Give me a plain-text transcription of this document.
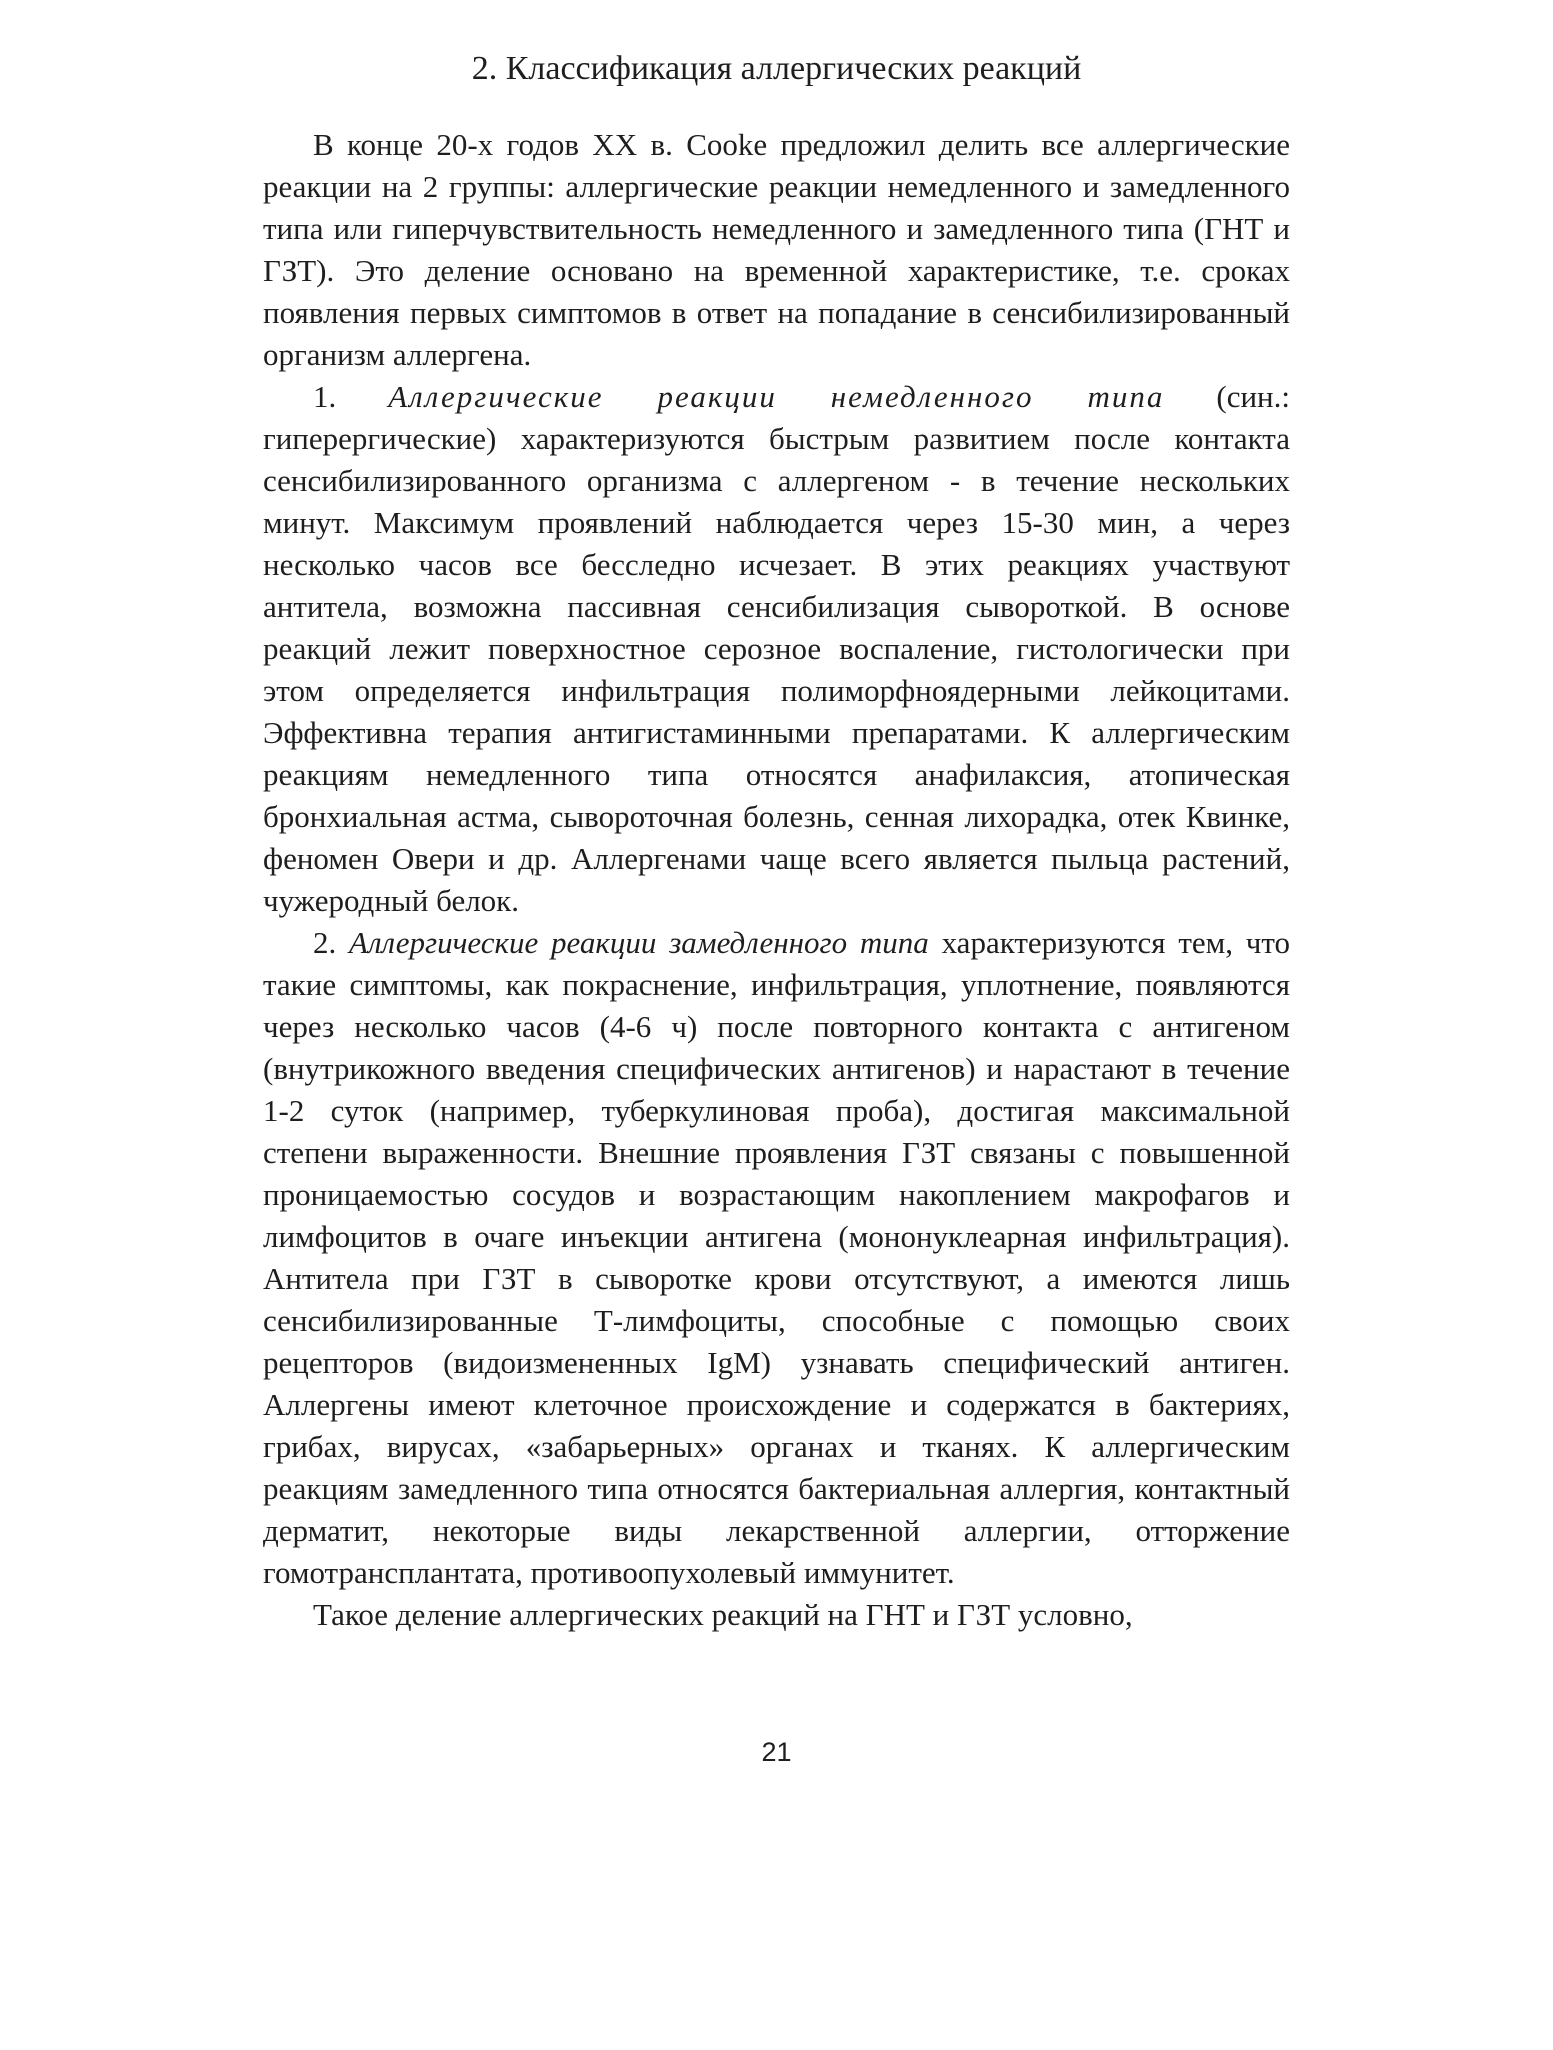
2. Классификация аллергических реакций

В конце 20-х годов XX в. Cooke предложил делить все аллергические реакции на 2 группы: аллергические реакции немедленного и замедленного типа или гиперчувствительность немедленного и замедленного типа (ГНТ и ГЗТ). Это деление основано на временной характеристике, т.е. сроках появления первых симптомов в ответ на попадание в сенсибилизированный организм аллергена.

1. Аллергические реакции немедленного типа (син.: гиперергические) характеризуются быстрым развитием после контакта сенсибилизированного организма с аллергеном - в течение нескольких минут. Максимум проявлений наблюдается через 15-30 мин, а через несколько часов все бесследно исчезает. В этих реакциях участвуют антитела, возможна пассивная сенсибилизация сывороткой. В основе реакций лежит поверхностное серозное воспаление, гистологически при этом определяется инфильтрация полиморфноядерными лейкоцитами. Эффективна терапия антигистаминными препаратами. К аллергическим реакциям немедленного типа относятся анафилаксия, атопическая бронхиальная астма, сывороточная болезнь, сенная лихорадка, отек Квинке, феномен Овери и др. Аллергенами чаще всего является пыльца растений, чужеродный белок.

2. Аллергические реакции замедленного типа характеризуются тем, что такие симптомы, как покраснение, инфильтрация, уплотнение, появляются через несколько часов (4-6 ч) после повторного контакта с антигеном (внутрикожного введения специфических антигенов) и нарастают в течение 1-2 суток (например, туберкулиновая проба), достигая максимальной степени выраженности. Внешние проявления ГЗТ связаны с повышенной проницаемостью сосудов и возрастающим накоплением макрофагов и лимфоцитов в очаге инъекции антигена (мононуклеарная инфильтрация). Антитела при ГЗТ в сыворотке крови отсутствуют, а имеются лишь сенсибилизированные Т-лимфоциты, способные с помощью своих рецепторов (видоизмененных IgM) узнавать специфический антиген. Аллергены имеют клеточное происхождение и содержатся в бактериях, грибах, вирусах, «забарьерных» органах и тканях. К аллергическим реакциям замедленного типа относятся бактериальная аллергия, контактный дерматит, некоторые виды лекарственной аллергии, отторжение гомотрансплантата, противоопухолевый иммунитет.

Такое деление аллергических реакций на ГНТ и ГЗТ условно,

21
